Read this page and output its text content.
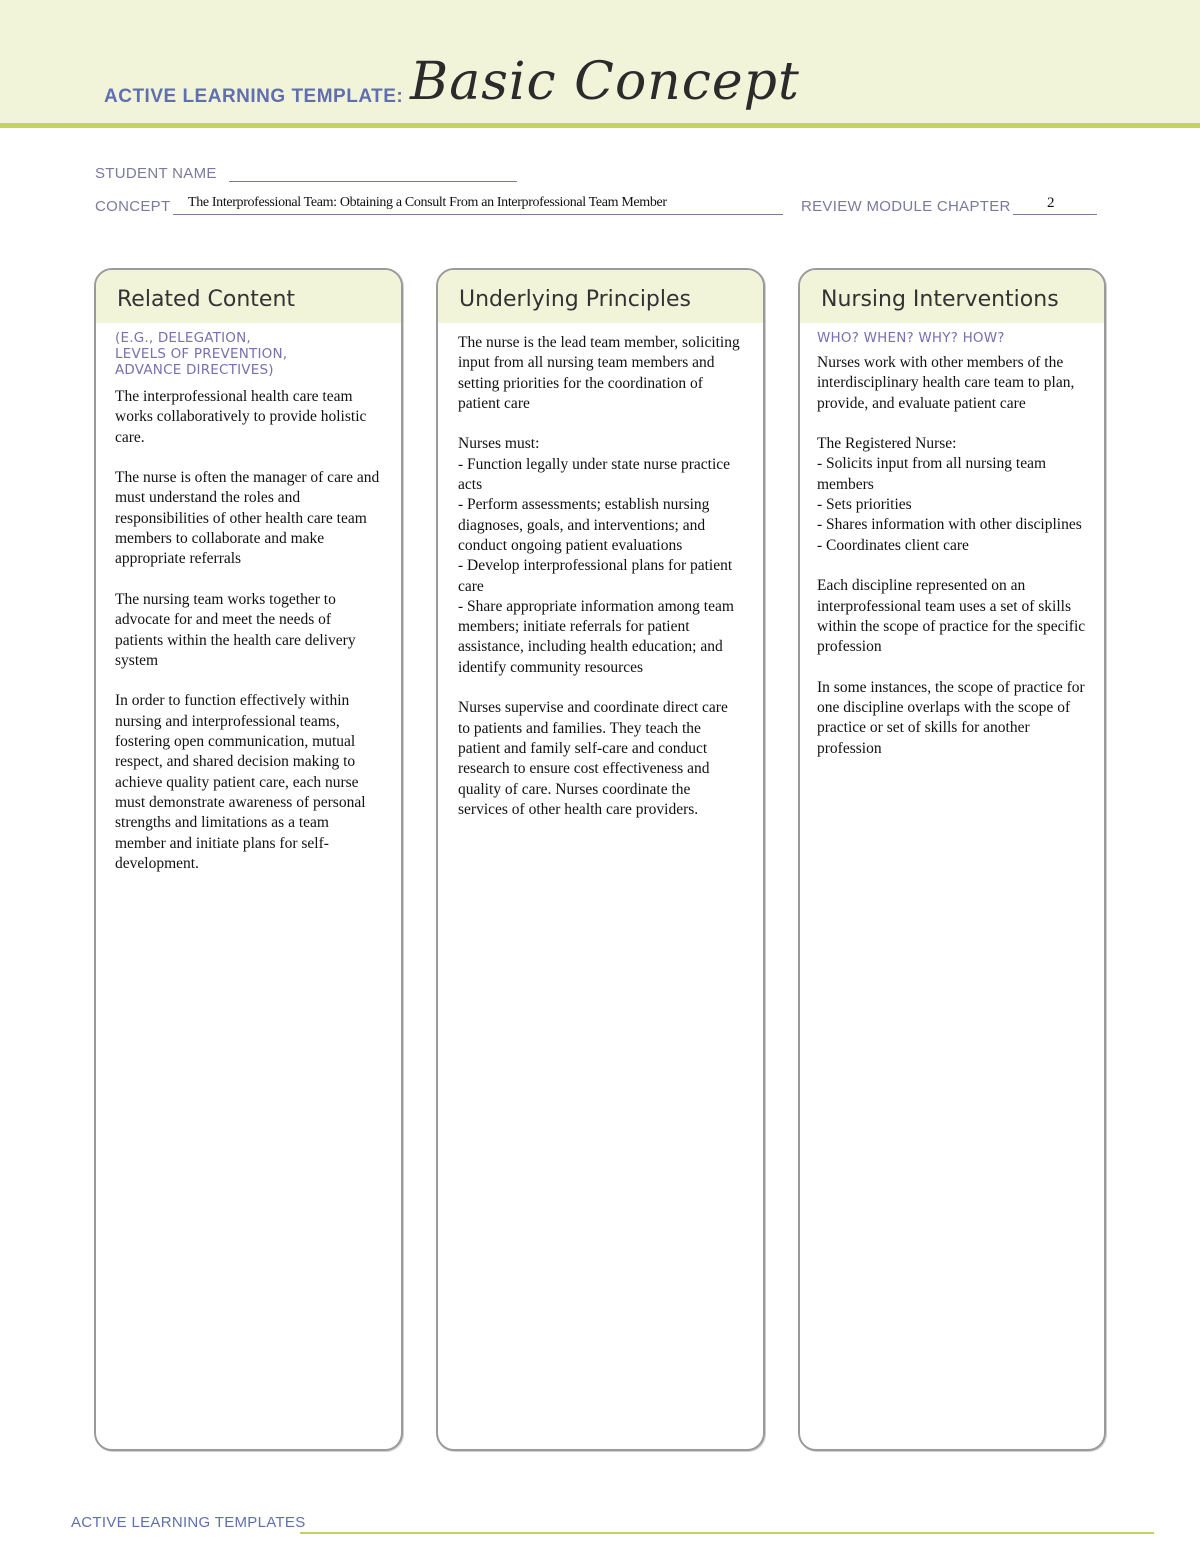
ACTIVE LEARNING TEMPLATE: Basic Concept
STUDENT NAME
CONCEPT The Interprofessional Team: Obtaining a Consult From an Interprofessional Team Member	REVIEW MODULE CHAPTER 2
Related Content
(E.G., DELEGATION,
LEVELS OF PREVENTION,
ADVANCE DIRECTIVES)

The interprofessional health care team works collaboratively to provide holistic care.

The nurse is often the manager of care and must understand the roles and responsibilities of other health care team members to collaborate and make appropriate referrals

The nursing team works together to advocate for and meet the needs of patients within the health care delivery system

In order to function effectively within nursing and interprofessional teams, fostering open communication, mutual respect, and shared decision making to achieve quality patient care, each nurse must demonstrate awareness of personal strengths and limitations as a team member and initiate plans for self-development.

Underlying Principles

The nurse is the lead team member, soliciting input from all nursing team members and setting priorities for the coordination of patient care

Nurses must:
- Function legally under state nurse practice acts
- Perform assessments; establish nursing diagnoses, goals, and interventions; and conduct ongoing patient evaluations
- Develop interprofessional plans for patient care
- Share appropriate information among team members; initiate referrals for patient assistance, including health education; and identify community resources

Nurses supervise and coordinate direct care to patients and families. They teach the patient and family self-care and conduct research to ensure cost effectiveness and quality of care. Nurses coordinate the services of other health care providers.

Nursing Interventions
WHO? WHEN? WHY? HOW?

Nurses work with other members of the interdisciplinary health care team to plan, provide, and evaluate patient care

The Registered Nurse:
- Solicits input from all nursing team members
- Sets priorities
- Shares information with other disciplines
- Coordinates client care

Each discipline represented on an interprofessional team uses a set of skills within the scope of practice for the specific profession

In some instances, the scope of practice for one discipline overlaps with the scope of practice or set of skills for another profession

ACTIVE LEARNING TEMPLATES
